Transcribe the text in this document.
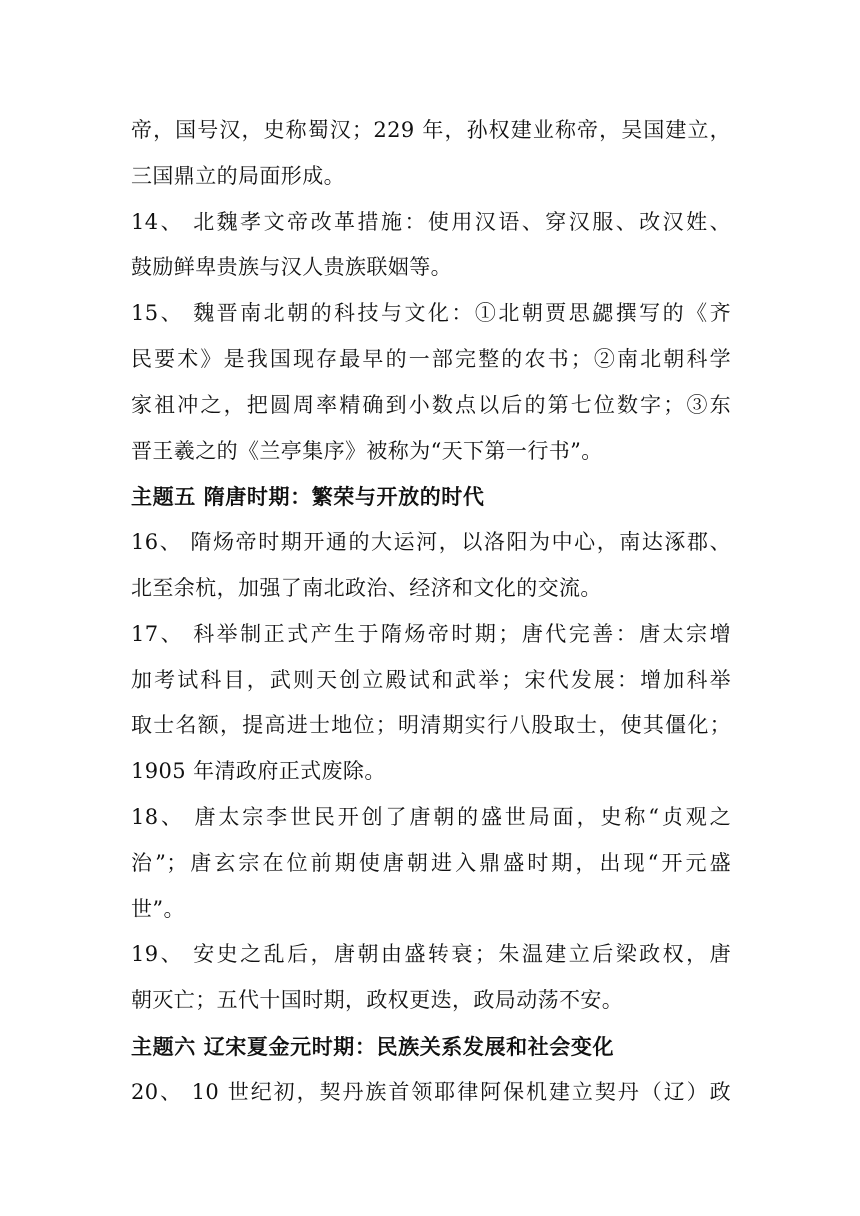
帝，国号汉，史称蜀汉；229 年，孙权建业称帝，吴国建立，
三国鼎立的局面形成。
14、 北魏孝文帝改革措施：使用汉语、穿汉服、改汉姓、
鼓励鲜卑贵族与汉人贵族联姻等。
15、 魏晋南北朝的科技与文化：①北朝贾思勰撰写的《齐
民要术》是我国现存最早的一部完整的农书；②南北朝科学
家祖冲之，把圆周率精确到小数点以后的第七位数字；③东
晋王羲之的《兰亭集序》被称为“天下第一行书”。
主题五 隋唐时期：繁荣与开放的时代
16、 隋炀帝时期开通的大运河，以洛阳为中心，南达涿郡、
北至余杭，加强了南北政治、经济和文化的交流。
17、 科举制正式产生于隋炀帝时期；唐代完善：唐太宗增
加考试科目，武则天创立殿试和武举；宋代发展：增加科举
取士名额，提高进士地位；明清期实行八股取士，使其僵化；
1905 年清政府正式废除。
18、 唐太宗李世民开创了唐朝的盛世局面，史称“贞观之
治”；唐玄宗在位前期使唐朝进入鼎盛时期，出现“开元盛
世”。
19、 安史之乱后，唐朝由盛转衰；朱温建立后梁政权，唐
朝灭亡；五代十国时期，政权更迭，政局动荡不安。
主题六 辽宋夏金元时期：民族关系发展和社会变化
20、 10 世纪初，契丹族首领耶律阿保机建立契丹（辽）政
